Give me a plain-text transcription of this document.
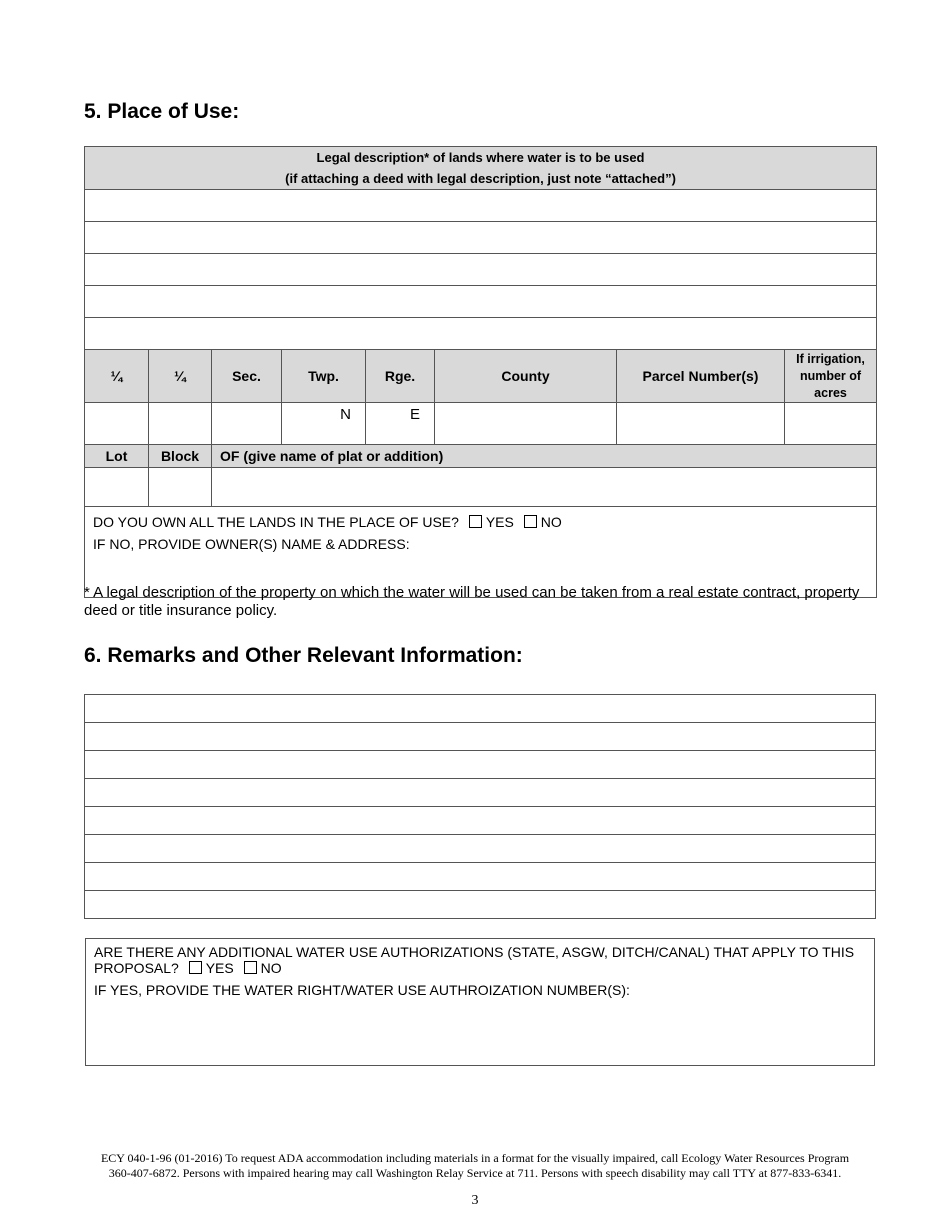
5. Place of Use:
Legal description* of lands where water is to be used
(if attaching a deed with legal description, just note “attached”)							

¼	¼	Sec.	Twp.	Rge.	County	Parcel Number(s)	If irrigation,
number of
acres

			N	E			
Lot	Block	OF (give name of plat or addition)					

DO YOU OWN ALL THE LANDS IN THE PLACE OF USE? YES NO
IF NO, PROVIDE OWNER(S) NAME & ADDRESS:							

* A legal description of the property on which the water will be used can be taken from a real estate contract, property deed or title insurance policy.

6. Remarks and Other Relevant Information:

ARE THERE ANY ADDITIONAL WATER USE AUTHORIZATIONS (STATE, ASGW, DITCH/CANAL) THAT APPLY TO THIS
PROPOSAL? YES NO
IF YES, PROVIDE THE WATER RIGHT/WATER USE AUTHROIZATION NUMBER(S):
ECY 040-1-96 (01-2016) To request ADA accommodation including materials in a format for the visually impaired, call Ecology Water Resources Program
360-407-6872. Persons with impaired hearing may call Washington Relay Service at 711. Persons with speech disability may call TTY at 877-833-6341.

3
